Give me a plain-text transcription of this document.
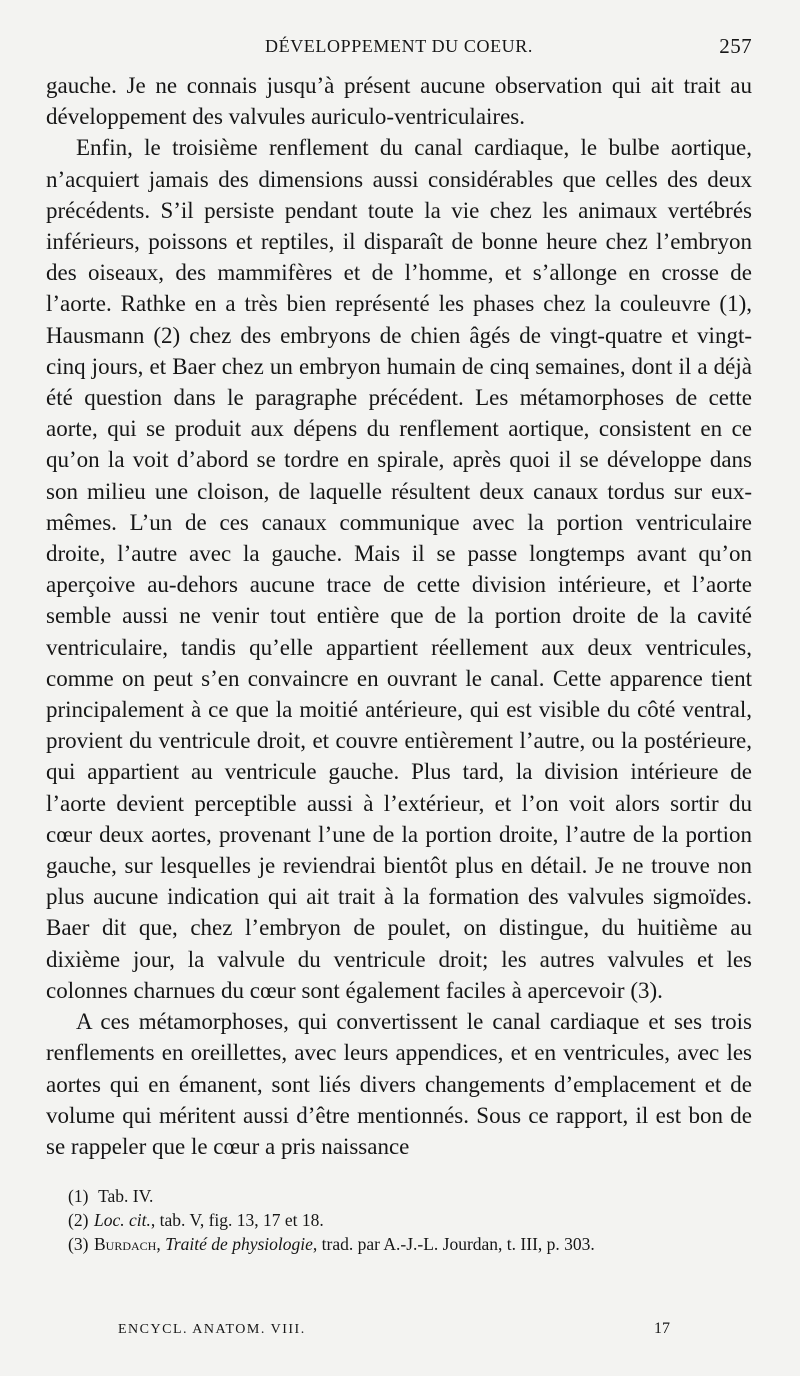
DÉVELOPPEMENT DU COEUR.	257

gauche. Je ne connais jusqu’à présent aucune observation qui ait trait au développement des valvules auriculo-ventriculaires.

Enfin, le troisième renflement du canal cardiaque, le bulbe aortique, n’acquiert jamais des dimensions aussi considérables que celles des deux précédents. S’il persiste pendant toute la vie chez les animaux vertébrés inférieurs, poissons et reptiles, il disparaît de bonne heure chez l’embryon des oiseaux, des mammifères et de l’homme, et s’allonge en crosse de l’aorte. Rathke en a très bien représenté les phases chez la couleuvre (1), Hausmann (2) chez des embryons de chien âgés de vingt-quatre et vingt-cinq jours, et Baer chez un embryon humain de cinq semaines, dont il a déjà été question dans le paragraphe précédent. Les métamorphoses de cette aorte, qui se produit aux dépens du renflement aortique, consistent en ce qu’on la voit d’abord se tordre en spirale, après quoi il se développe dans son milieu une cloison, de laquelle résultent deux canaux tordus sur eux-mêmes. L’un de ces canaux communique avec la portion ventriculaire droite, l’autre avec la gauche. Mais il se passe longtemps avant qu’on aperçoive au-dehors aucune trace de cette division intérieure, et l’aorte semble aussi ne venir tout entière que de la portion droite de la cavité ventriculaire, tandis qu’elle appartient réellement aux deux ventricules, comme on peut s’en convaincre en ouvrant le canal. Cette apparence tient principalement à ce que la moitié antérieure, qui est visible du côté ventral, provient du ventricule droit, et couvre entièrement l’autre, ou la postérieure, qui appartient au ventricule gauche. Plus tard, la division intérieure de l’aorte devient perceptible aussi à l’extérieur, et l’on voit alors sortir du cœur deux aortes, provenant l’une de la portion droite, l’autre de la portion gauche, sur lesquelles je reviendrai bientôt plus en détail. Je ne trouve non plus aucune indication qui ait trait à la formation des valvules sigmoïdes. Baer dit que, chez l’embryon de poulet, on distingue, du huitième au dixième jour, la valvule du ventricule droit; les autres valvules et les colonnes charnues du cœur sont également faciles à apercevoir (3).

A ces métamorphoses, qui convertissent le canal cardiaque et ses trois renflements en oreillettes, avec leurs appendices, et en ventricules, avec les aortes qui en émanent, sont liés divers changements d’emplacement et de volume qui méritent aussi d’être mentionnés. Sous ce rapport, il est bon de se rappeler que le cœur a pris naissance

(1) Tab. IV.
(2) Loc. cit., tab. V, fig. 13, 17 et 18.
(3) Burdach, Traité de physiologie, trad. par A.-J.-L. Jourdan, t. III, p. 303.
ENCYCL. ANATOM. VIII.	17
